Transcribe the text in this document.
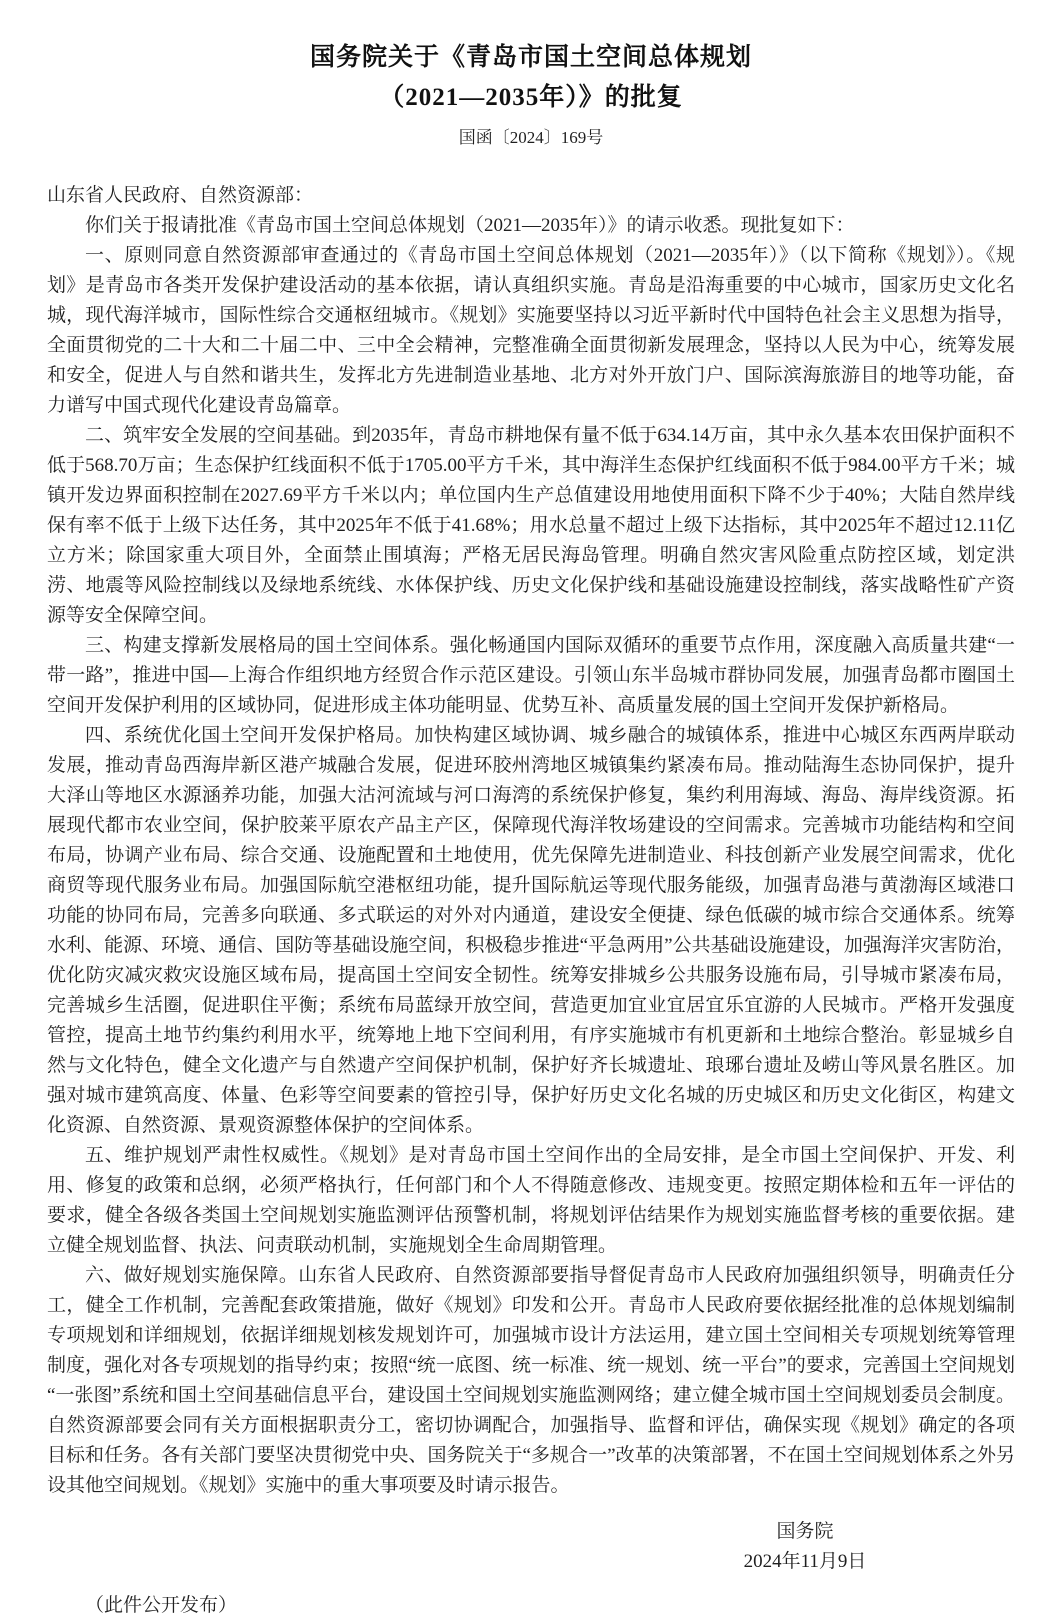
国务院关于《青岛市国土空间总体规划
（2021—2035年）》的批复
国函〔2024〕169号

山东省人民政府、自然资源部：

你们关于报请批准《青岛市国土空间总体规划（2021—2035年）》的请示收悉。现批复如下：

一、原则同意自然资源部审查通过的《青岛市国土空间总体规划（2021—2035年）》（以下简称《规划》）。《规划》是青岛市各类开发保护建设活动的基本依据，请认真组织实施。青岛是沿海重要的中心城市，国家历史文化名城，现代海洋城市，国际性综合交通枢纽城市。《规划》实施要坚持以习近平新时代中国特色社会主义思想为指导，全面贯彻党的二十大和二十届二中、三中全会精神，完整准确全面贯彻新发展理念，坚持以人民为中心，统筹发展和安全，促进人与自然和谐共生，发挥北方先进制造业基地、北方对外开放门户、国际滨海旅游目的地等功能，奋力谱写中国式现代化建设青岛篇章。

二、筑牢安全发展的空间基础。到2035年，青岛市耕地保有量不低于634.14万亩，其中永久基本农田保护面积不低于568.70万亩；生态保护红线面积不低于1705.00平方千米，其中海洋生态保护红线面积不低于984.00平方千米；城镇开发边界面积控制在2027.69平方千米以内；单位国内生产总值建设用地使用面积下降不少于40%；大陆自然岸线保有率不低于上级下达任务，其中2025年不低于41.68%；用水总量不超过上级下达指标，其中2025年不超过12.11亿立方米；除国家重大项目外，全面禁止围填海；严格无居民海岛管理。明确自然灾害风险重点防控区域，划定洪涝、地震等风险控制线以及绿地系统线、水体保护线、历史文化保护线和基础设施建设控制线，落实战略性矿产资源等安全保障空间。

三、构建支撑新发展格局的国土空间体系。强化畅通国内国际双循环的重要节点作用，深度融入高质量共建“一带一路”，推进中国—上海合作组织地方经贸合作示范区建设。引领山东半岛城市群协同发展，加强青岛都市圈国土空间开发保护利用的区域协同，促进形成主体功能明显、优势互补、高质量发展的国土空间开发保护新格局。

四、系统优化国土空间开发保护格局。加快构建区域协调、城乡融合的城镇体系，推进中心城区东西两岸联动发展，推动青岛西海岸新区港产城融合发展，促进环胶州湾地区城镇集约紧凑布局。推动陆海生态协同保护，提升大泽山等地区水源涵养功能，加强大沽河流域与河口海湾的系统保护修复，集约利用海域、海岛、海岸线资源。拓展现代都市农业空间，保护胶莱平原农产品主产区，保障现代海洋牧场建设的空间需求。完善城市功能结构和空间布局，协调产业布局、综合交通、设施配置和土地使用，优先保障先进制造业、科技创新产业发展空间需求，优化商贸等现代服务业布局。加强国际航空港枢纽功能，提升国际航运等现代服务能级，加强青岛港与黄渤海区域港口功能的协同布局，完善多向联通、多式联运的对外对内通道，建设安全便捷、绿色低碳的城市综合交通体系。统筹水利、能源、环境、通信、国防等基础设施空间，积极稳步推进“平急两用”公共基础设施建设，加强海洋灾害防治，优化防灾减灾救灾设施区域布局，提高国土空间安全韧性。统筹安排城乡公共服务设施布局，引导城市紧凑布局，完善城乡生活圈，促进职住平衡；系统布局蓝绿开放空间，营造更加宜业宜居宜乐宜游的人民城市。严格开发强度管控，提高土地节约集约利用水平，统筹地上地下空间利用，有序实施城市有机更新和土地综合整治。彰显城乡自然与文化特色，健全文化遗产与自然遗产空间保护机制，保护好齐长城遗址、琅琊台遗址及崂山等风景名胜区。加强对城市建筑高度、体量、色彩等空间要素的管控引导，保护好历史文化名城的历史城区和历史文化街区，构建文化资源、自然资源、景观资源整体保护的空间体系。

五、维护规划严肃性权威性。《规划》是对青岛市国土空间作出的全局安排，是全市国土空间保护、开发、利用、修复的政策和总纲，必须严格执行，任何部门和个人不得随意修改、违规变更。按照定期体检和五年一评估的要求，健全各级各类国土空间规划实施监测评估预警机制，将规划评估结果作为规划实施监督考核的重要依据。建立健全规划监督、执法、问责联动机制，实施规划全生命周期管理。

六、做好规划实施保障。山东省人民政府、自然资源部要指导督促青岛市人民政府加强组织领导，明确责任分工，健全工作机制，完善配套政策措施，做好《规划》印发和公开。青岛市人民政府要依据经批准的总体规划编制专项规划和详细规划，依据详细规划核发规划许可，加强城市设计方法运用，建立国土空间相关专项规划统筹管理制度，强化对各专项规划的指导约束；按照“统一底图、统一标准、统一规划、统一平台”的要求，完善国土空间规划“一张图”系统和国土空间基础信息平台，建设国土空间规划实施监测网络；建立健全城市国土空间规划委员会制度。自然资源部要会同有关方面根据职责分工，密切协调配合，加强指导、监督和评估，确保实现《规划》确定的各项目标和任务。各有关部门要坚决贯彻党中央、国务院关于“多规合一”改革的决策部署，不在国土空间规划体系之外另设其他空间规划。《规划》实施中的重大事项要及时请示报告。

国务院
2024年11月9日

（此件公开发布）
